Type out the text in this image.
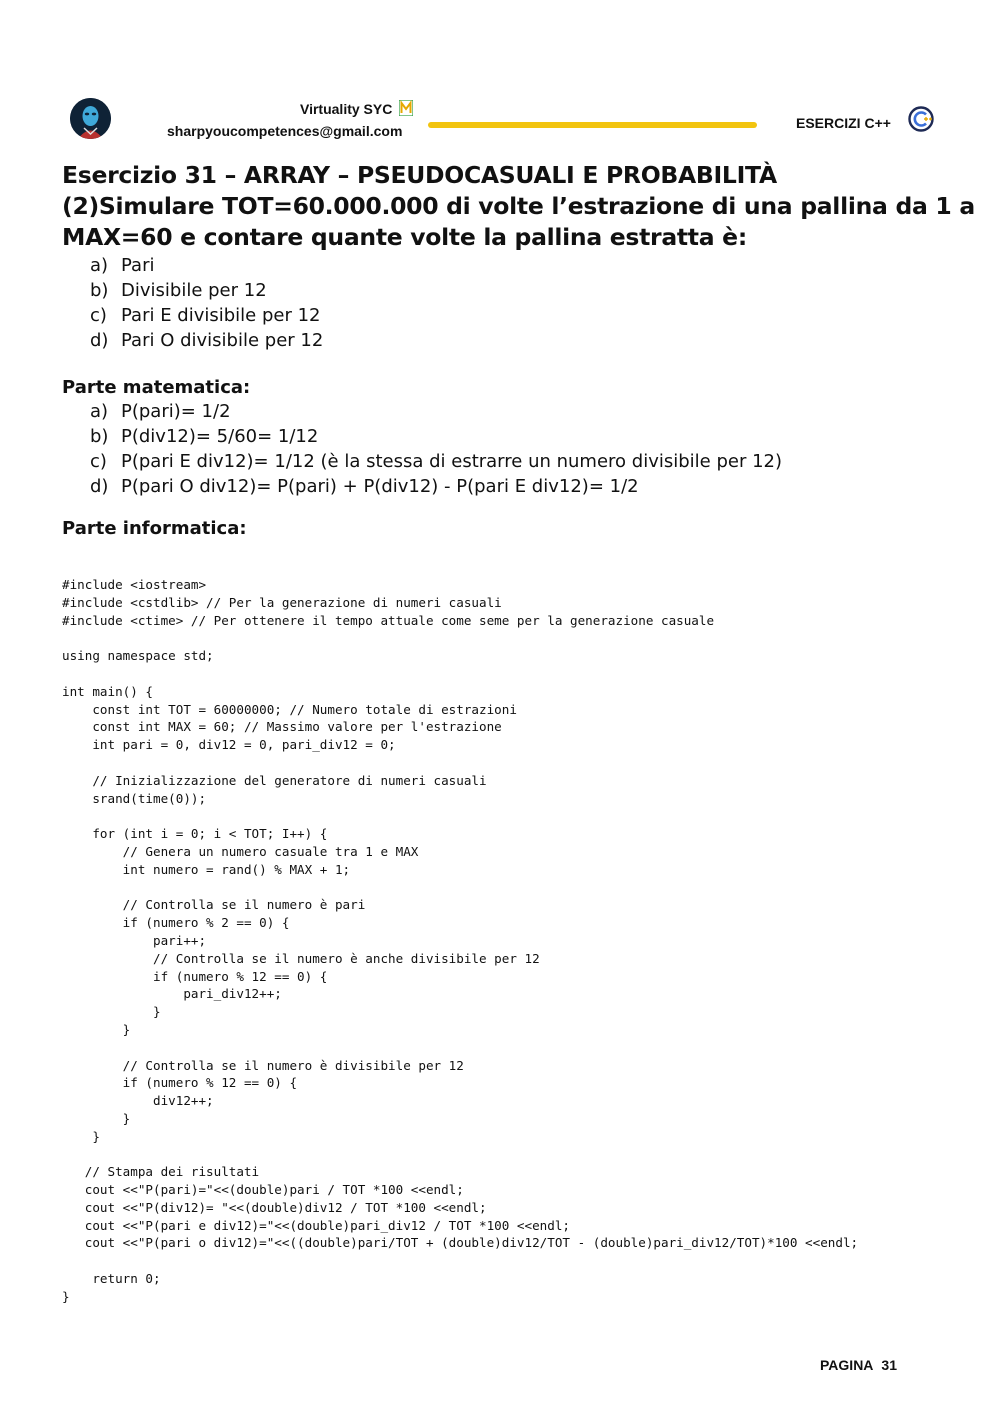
Virtuality SYC
sharpyoucompetences@gmail.com	ESERCIZI C++
Esercizio 31 – ARRAY – PSEUDOCASUALI E PROBABILITÀ
(2)Simulare TOT=60.000.000 di volte l’estrazione di una pallina da 1 a
MAX=60 e contare quante volte la pallina estratta è:
a) Pari
b) Divisibile per 12
c) Pari E divisibile per 12
d) Pari O divisibile per 12
Parte matematica:
a) P(pari)= 1/2
b) P(div12)= 5/60= 1/12
c) P(pari E div12)= 1/12 (è la stessa di estrarre un numero divisibile per 12)
d) P(pari O div12)= P(pari) + P(div12) - P(pari E div12)= 1/2
Parte informatica:
#include <iostream>
#include <cstdlib> // Per la generazione di numeri casuali
#include <ctime> // Per ottenere il tempo attuale come seme per la generazione casuale

using namespace std;

int main() {
const int TOT = 60000000; // Numero totale di estrazioni
const int MAX = 60; // Massimo valore per l'estrazione
int pari = 0, div12 = 0, pari_div12 = 0;

// Inizializzazione del generatore di numeri casuali
srand(time(0));

for (int i = 0; i < TOT; I++) {
// Genera un numero casuale tra 1 e MAX
int numero = rand() % MAX + 1;

// Controlla se il numero è pari
if (numero % 2 == 0) {
pari++;
// Controlla se il numero è anche divisibile per 12
if (numero % 12 == 0) {
pari_div12++;
}
}

// Controlla se il numero è divisibile per 12
if (numero % 12 == 0) {
div12++;
}
}

// Stampa dei risultati
cout <<"P(pari)="<<(double)pari / TOT *100 <<endl;
cout <<"P(div12)= "<<(double)div12 / TOT *100 <<endl;
cout <<"P(pari e div12)="<<(double)pari_div12 / TOT *100 <<endl;
cout <<"P(pari o div12)="<<((double)pari/TOT + (double)div12/TOT - (double)pari_div12/TOT)*100 <<endl;

return 0;
}
PAGINA 31
